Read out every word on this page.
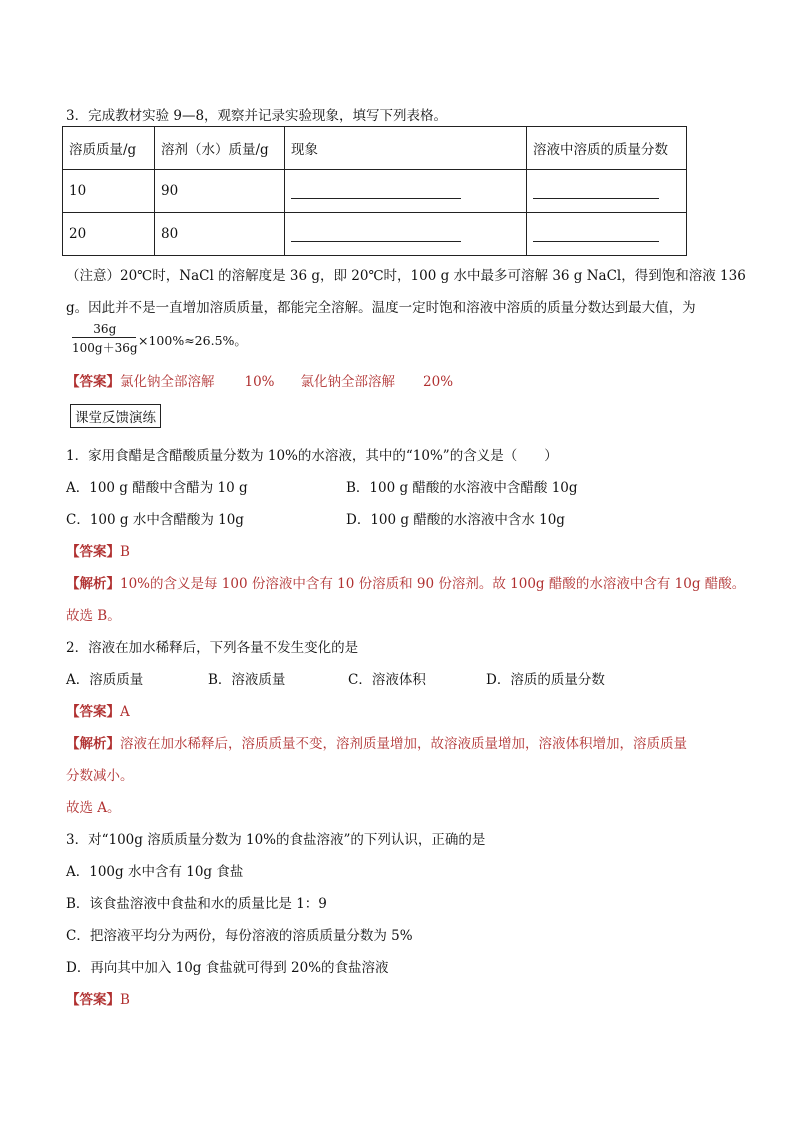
3．完成教材实验 9—8，观察并记录实验现象，填写下列表格。
溶质质量/g	溶剂（水）质量/g	现象	溶液中溶质的质量分数
10	90		
20	80		
（注意）20℃时，NaCl 的溶解度是 36 g，即 20℃时，100 g 水中最多可溶解 36 g NaCl，得到饱和溶液 136
g。因此并不是一直增加溶质质量，都能完全溶解。温度一定时饱和溶液中溶质的质量分数达到最大值，为
36g
100g＋36g ×100%≈26.5%。
【答案】氯化钠全部溶解 10% 氯化钠全部溶解 20%
课堂反馈演练
1．家用食醋是含醋酸质量分数为 10%的水溶液，其中的“10%”的含义是（　　）
A．100 g 醋酸中含醋为 10 g	B．100 g 醋酸的水溶液中含醋酸 10g
C．100 g 水中含醋酸为 10g	D．100 g 醋酸的水溶液中含水 10g
【答案】B
【解析】10%的含义是每 100 份溶液中含有 10 份溶质和 90 份溶剂。故 100g 醋酸的水溶液中含有 10g 醋酸。
故选 B。
2．溶液在加水稀释后，下列各量不发生变化的是
A．溶质质量	B．溶液质量	C．溶液体积	D．溶质的质量分数
【答案】A
【解析】溶液在加水稀释后，溶质质量不变，溶剂质量增加，故溶液质量增加，溶液体积增加，溶质质量
分数减小。
故选 A。
3．对“100g 溶质质量分数为 10%的食盐溶液”的下列认识，正确的是
A．100g 水中含有 10g 食盐
B．该食盐溶液中食盐和水的质量比是 1：9
C．把溶液平均分为两份，每份溶液的溶质质量分数为 5%
D．再向其中加入 10g 食盐就可得到 20%的食盐溶液
【答案】B
